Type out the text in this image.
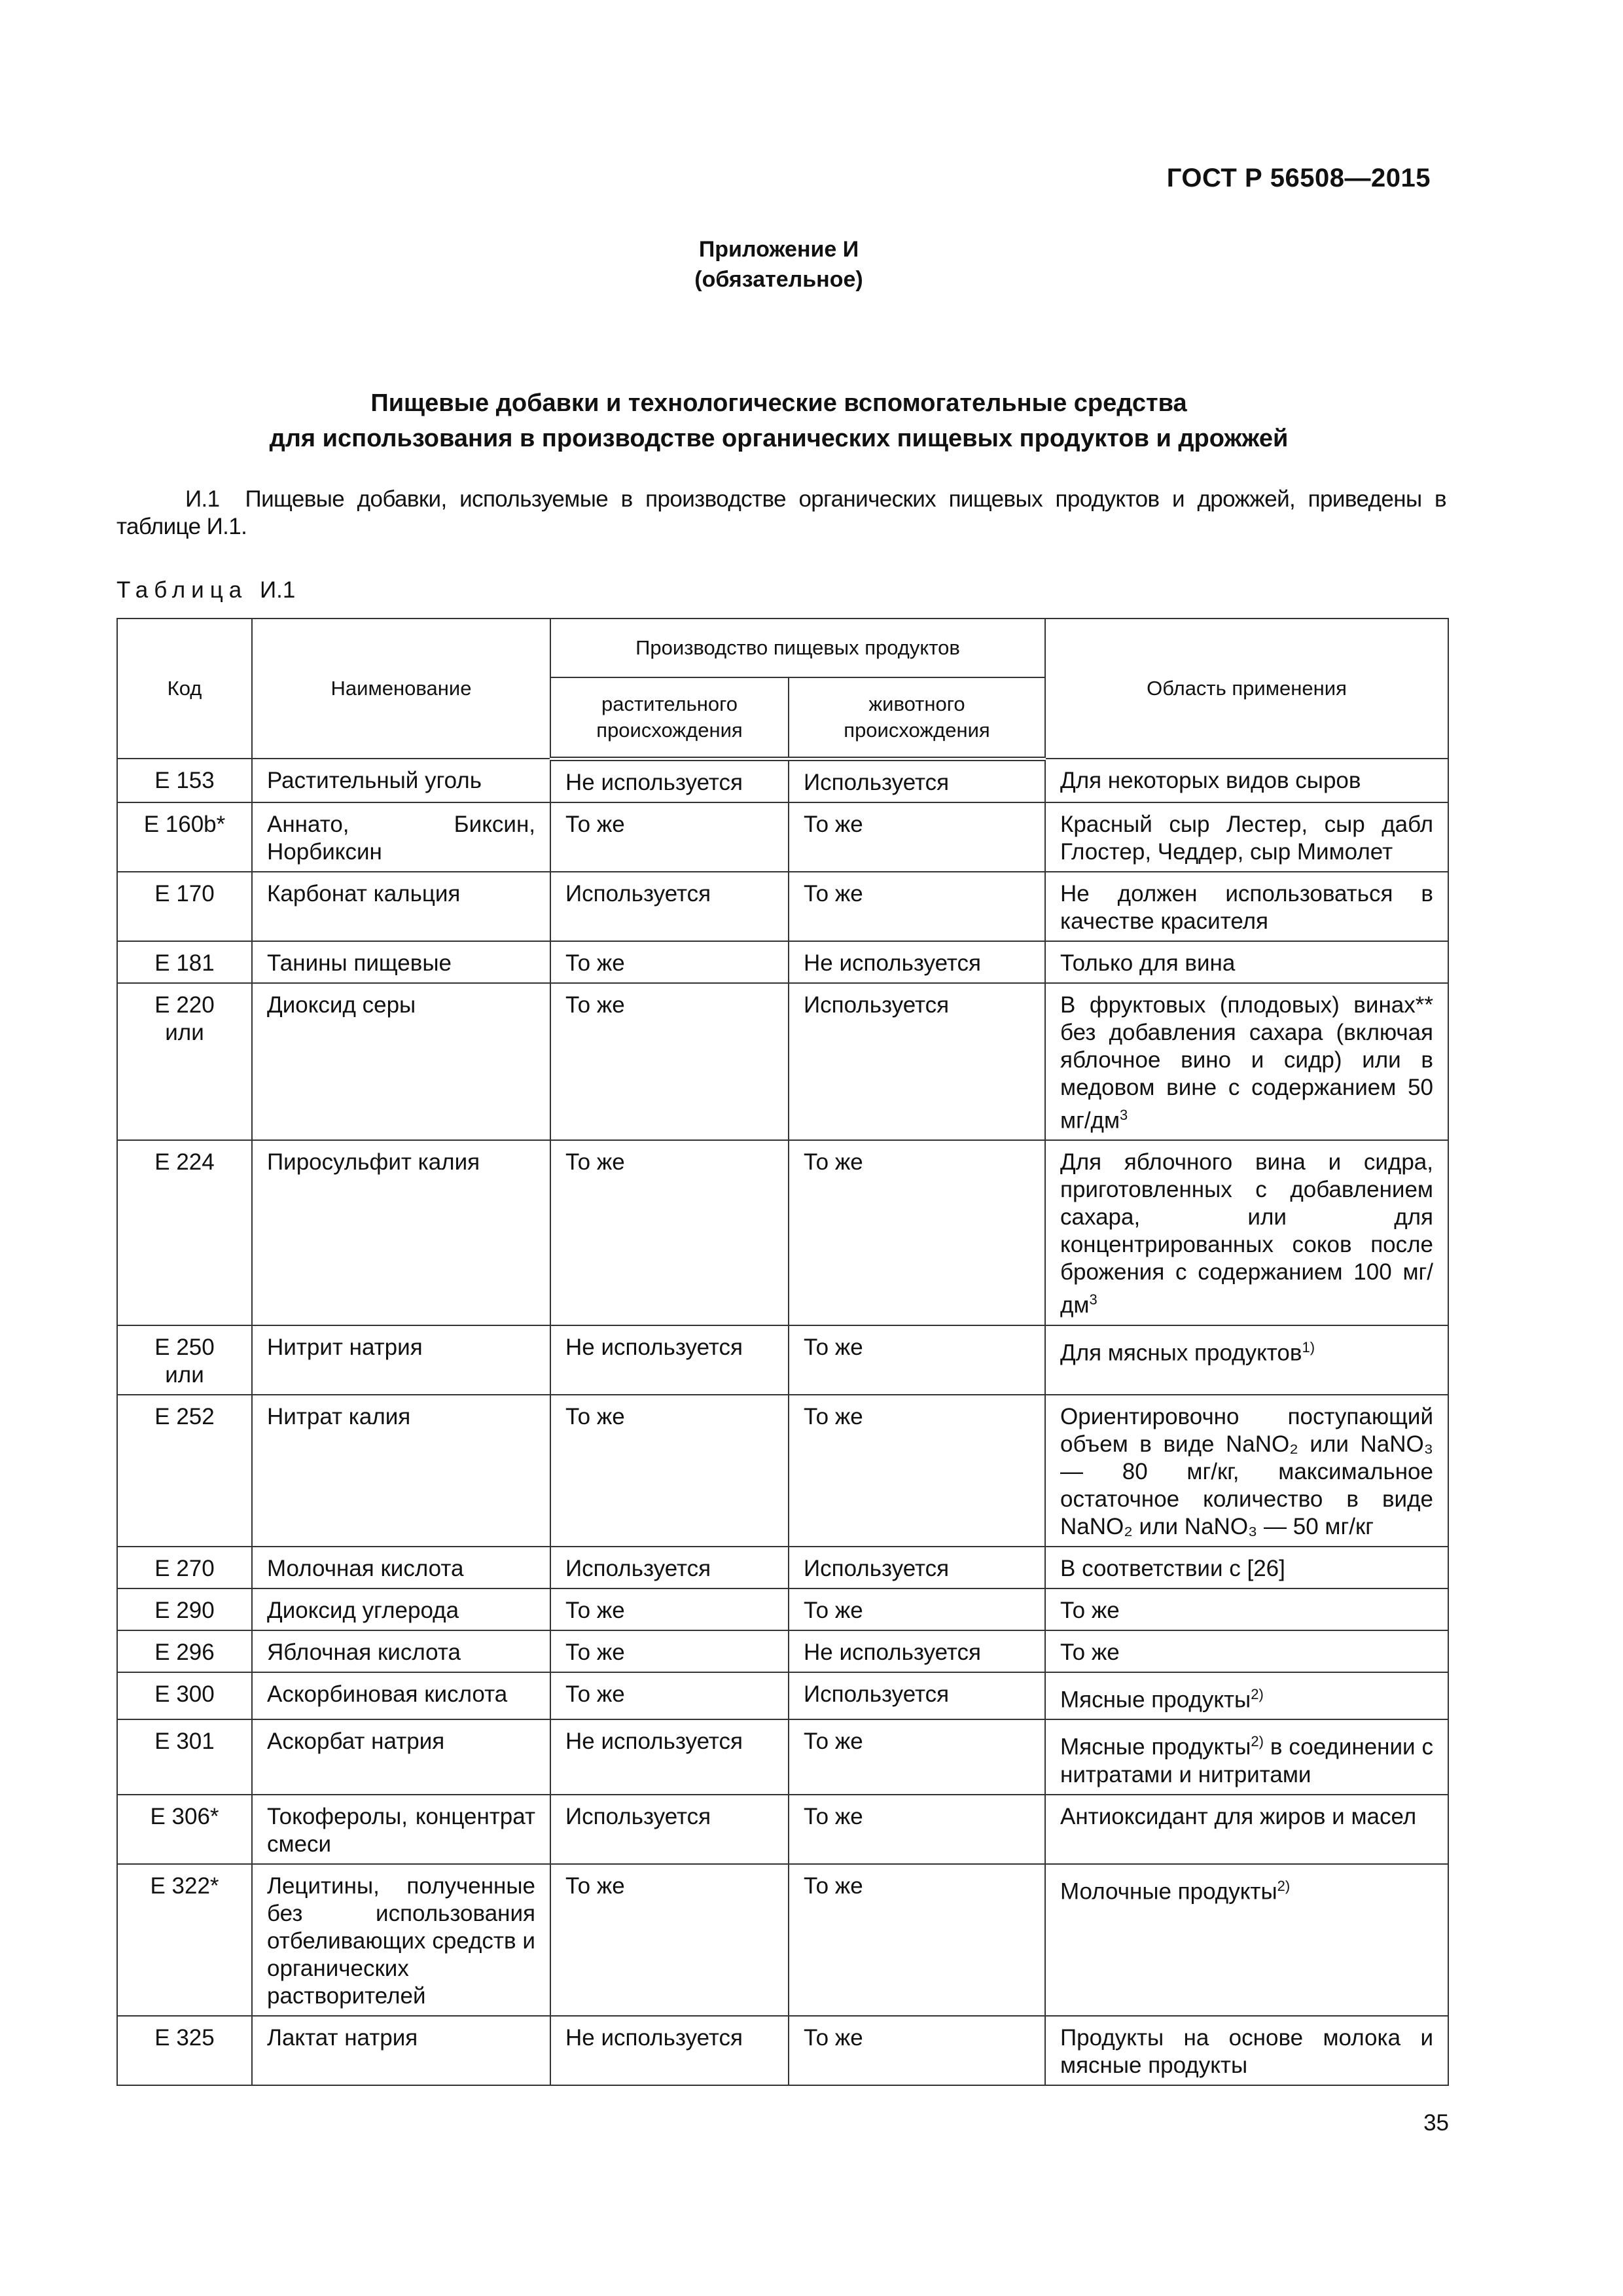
ГОСТ Р 56508—2015
Приложение И
(обязательное)
Пищевые добавки и технологические вспомогательные средства
для использования в производстве органических пищевых продуктов и дрожжей
И.1 Пищевые добавки, используемые в производстве органических пищевых продуктов и дрожжей, приведены в таблице И.1.
Таблица И.1
Код	Наименование	Производство пищевых продуктов		Область применения
		растительного происхождения	животного происхождения	
Е 153	Растительный уголь	Не используется	Используется	Для некоторых видов сыров
Е 160b*	Аннато, Биксин, Норбиксин	То же	То же	Красный сыр Лестер, сыр дабл Глостер, Чеддер, сыр Мимолет
Е 170	Карбонат кальция	Используется	То же	Не должен использоваться в качестве красителя
Е 181	Танины пищевые	То же	Не используется	Только для вина
Е 220 или	Диоксид серы	То же	Используется	В фруктовых (плодовых) винах** без добавления сахара (включая яблочное вино и сидр) или в медовом вине с содержанием 50 $мг/дм^3$
Е 224	Пиросульфит калия	То же	То же	Для яблочного вина и сидра, приготовленных с добавлением сахара, или для концентрированных соков после брожения с содержанием 100 $мг/дм^3$
Е 250 или	Нитрит натрия	Не используется	То же	Для мясных продуктов$^{1)}$
Е 252	Нитрат калия	То же	То же	Ориентировочно поступающий объем в виде NaNO₂ или NaNO₃ — 80 мг/кг, максимальное остаточное количество в виде NaNO₂ или NaNO₃ — 50 мг/кг
Е 270	Молочная кислота	Используется	Используется	В соответствии с [26]
Е 290	Диоксид углерода	То же	То же	То же
Е 296	Яблочная кислота	То же	Не используется	То же
Е 300	Аскорбиновая кислота	То же	Используется	Мясные продукты$^{2)}$
Е 301	Аскорбат натрия	Не используется	То же	Мясные продукты$^{2)}$ в соединении с нитратами и нитритами
Е 306*	Токоферолы, концентрат смеси	Используется	То же	Антиоксидант для жиров и масел
Е 322*	Лецитины, полученные без использования отбеливающих средств и органических растворителей	То же	То же	Молочные продукты$^{2)}$
Е 325	Лактат натрия	Не используется	То же	Продукты на основе молока и мясные продукты
35
